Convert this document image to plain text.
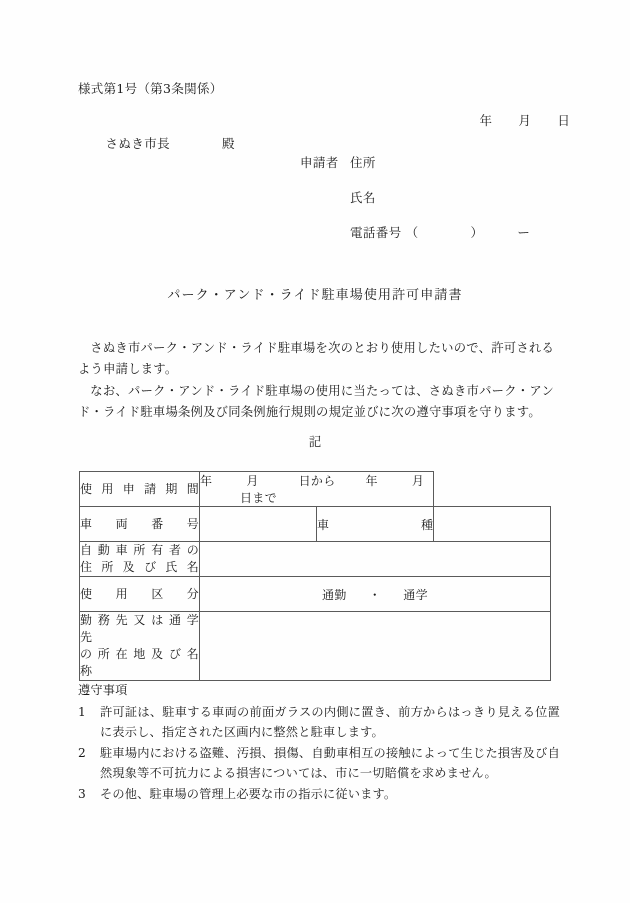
様式第1号（第3条関係）

年 月 日

さぬき市長	殿

申請者 住所
氏名
電話番号 （	）	ー
パーク・アンド・ライド駐車場使用許可申請書

さぬき市パーク・アンド・ライド駐車場を次のとおり使用したいので、許可されるよう申請します。

なお、パーク・アンド・ライド駐車場の使用に当たっては、さぬき市パーク・アンド・ライド駐車場条例及び同条例施行規則の規定並びに次の遵守事項を守ります。

記
使 用 申 請 期 間	年 月 日から 年 月日まで		
車　両　番　号		車　種	

自 動 車 所 有 者 の
住 所 及 び 氏 名			

使　用　区　分	通勤 ・ 通学		

勤 務 先 又 は 通 学 先
の 所 在 地 及 び 名 称			

遵守事項
1	許可証は、駐車する車両の前面ガラスの内側に置き、前方からはっきり見える位置に表示し、指定された区画内に整然と駐車します。
2	駐車場内における盗難、汚損、損傷、自動車相互の接触によって生じた損害及び自然現象等不可抗力による損害については、市に一切賠償を求めません。
3	その他、駐車場の管理上必要な市の指示に従います。
